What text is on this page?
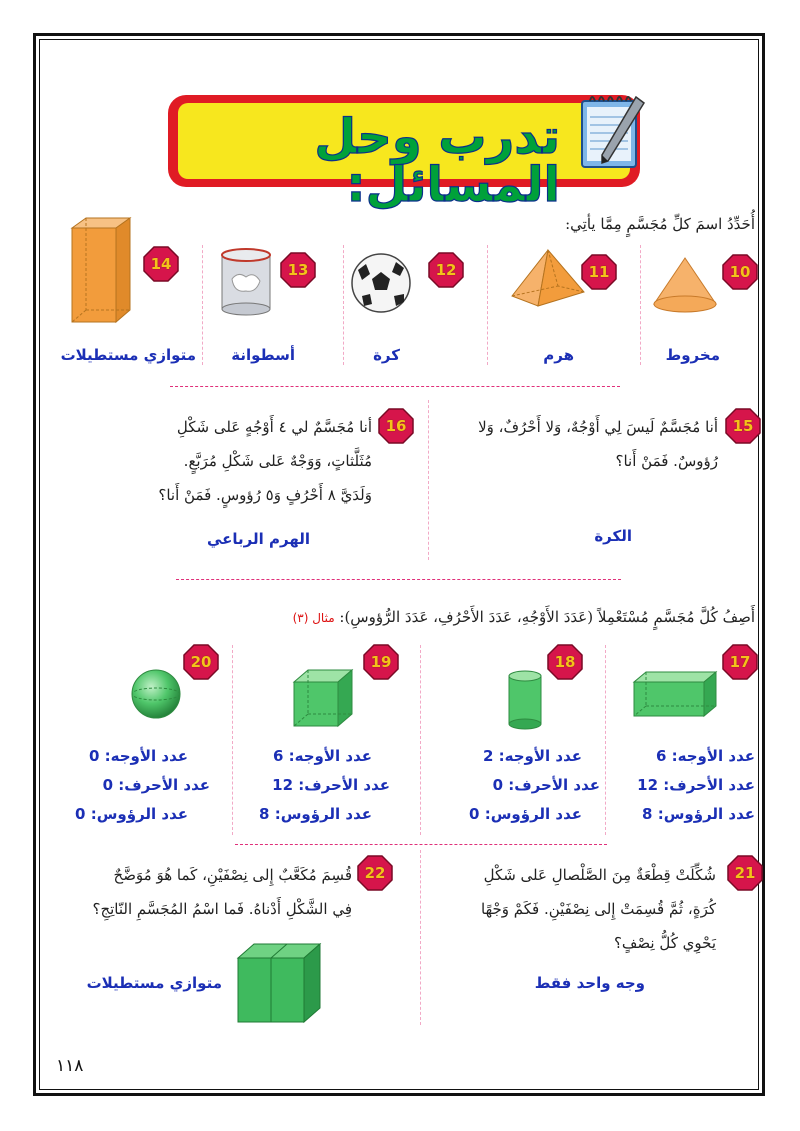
تدرب وحل المسائل:
أُحَدِّدُ اسمَ كلِّ مُجَسَّمٍ مِمَّا يأتِي:
10
مخروط
11
هرم
12
كرة
13
أسطوانة
14
متوازي مستطيلات
15
أنا مُجَسَّمٌ لَيسَ لِي أَوْجُهٌ، وَلا أَحْرُفٌ، وَلا
رُؤوسٌ. فَمَنْ أَنا؟
الكرة
16
أنا مُجَسَّمٌ لي ٤ أَوْجُهٍ عَلى شَكْلِ
مُثَلَّثاتٍ، وَوَجْهٌ عَلى شَكْلِ مُرَبَّعٍ.
وَلَدَيَّ ٨ أَحْرُفٍ وَ٥ رُؤوسٍ. فَمَنْ أَنا؟
الهرم الرباعي
أَصِفُ كُلَّ مُجَسَّمٍ مُسْتَعْمِلاً (عَدَدَ الأَوْجُهِ، عَدَدَ الأَحْرُفِ، عَدَدَ الرُّؤوسِ): مثال (٣)
17
عدد الأوجه: 6
عدد الأحرف: 12
عدد الرؤوس: 8
18
عدد الأوجه: 2
عدد الأحرف: 0
عدد الرؤوس: 0
19
عدد الأوجه: 6
عدد الأحرف: 12
عدد الرؤوس: 8
20
عدد الأوجه: 0
عدد الأحرف: 0
عدد الرؤوس: 0
21
شُكِّلَتْ قِطْعَةٌ مِنَ الصَّلْصالِ عَلى شَكْلِ
كُرَةٍ، ثُمَّ قُسِمَتْ إِلى نِصْفَيْنِ. فَكَمْ وَجْهًا
يَحْوِي كُلُّ نِصْفٍ؟
وجه واحد فقط
22
قُسِمَ مُكَعَّبٌ إِلى نِصْفَيْنِ، كَما هُوَ مُوَضَّحٌ
فِي الشَّكْلِ أَدْناهُ. فَما اسْمُ المُجَسَّمِ النّاتِجِ؟
متوازي مستطيلات
١١٨
